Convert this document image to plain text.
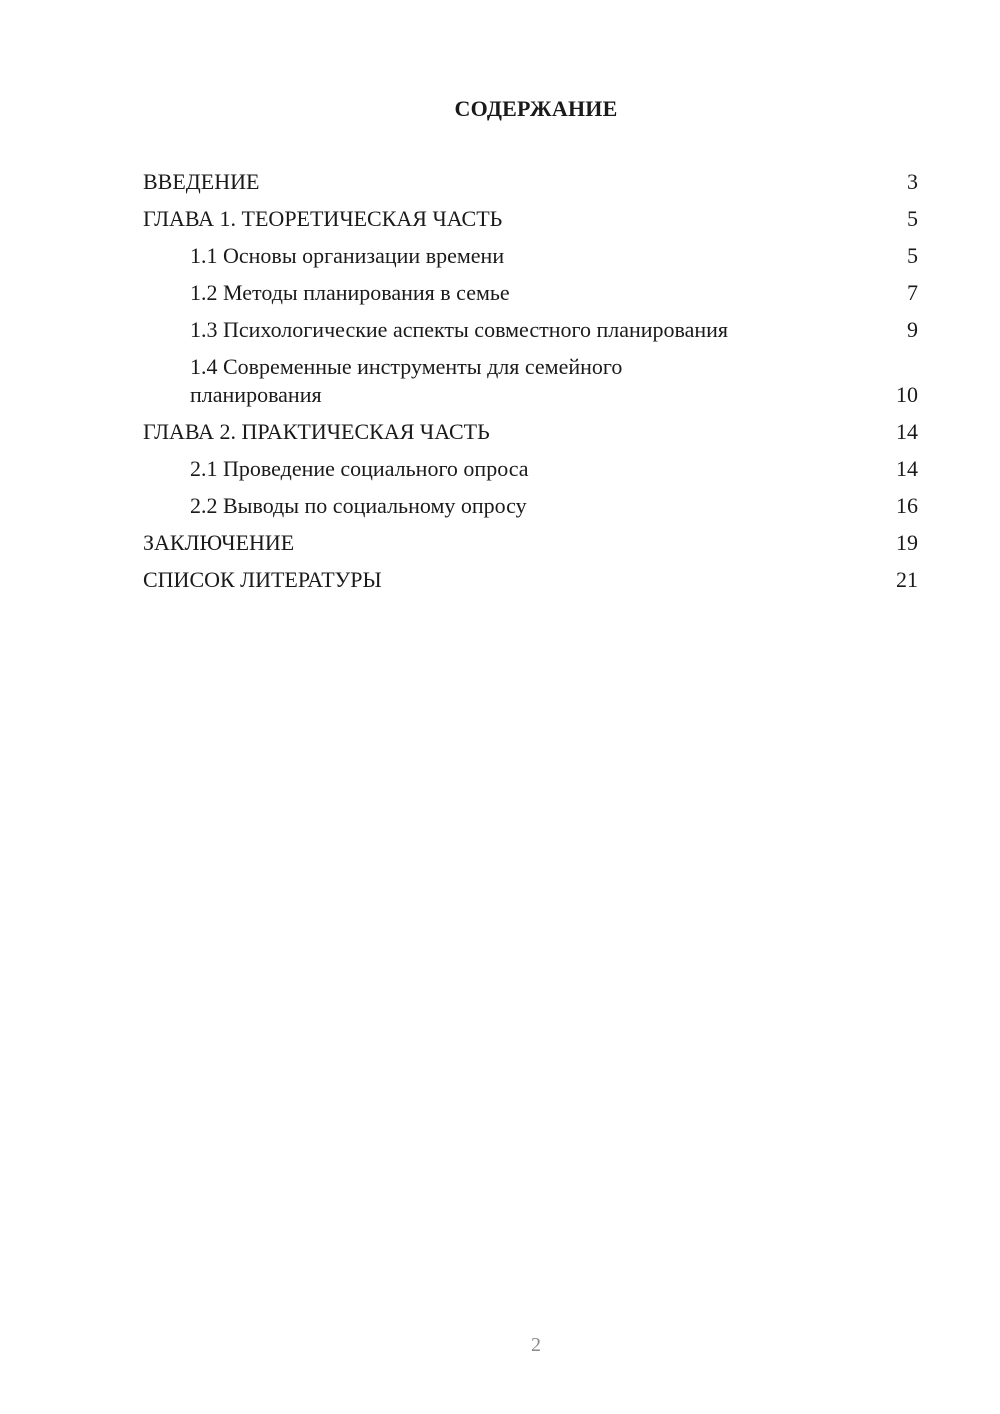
СОДЕРЖАНИЕ
ВВЕДЕНИЕ	3
ГЛАВА 1. ТЕОРЕТИЧЕСКАЯ ЧАСТЬ	5
1.1 Основы организации времени	5
1.2 Методы планирования в семье	7
1.3 Психологические аспекты совместного планирования	9
1.4 Современные инструменты для семейного планирования	10
ГЛАВА 2. ПРАКТИЧЕСКАЯ ЧАСТЬ	14
2.1 Проведение социального опроса	14
2.2 Выводы по социальному опросу	16
ЗАКЛЮЧЕНИЕ	19
СПИСОК ЛИТЕРАТУРЫ	21
2
